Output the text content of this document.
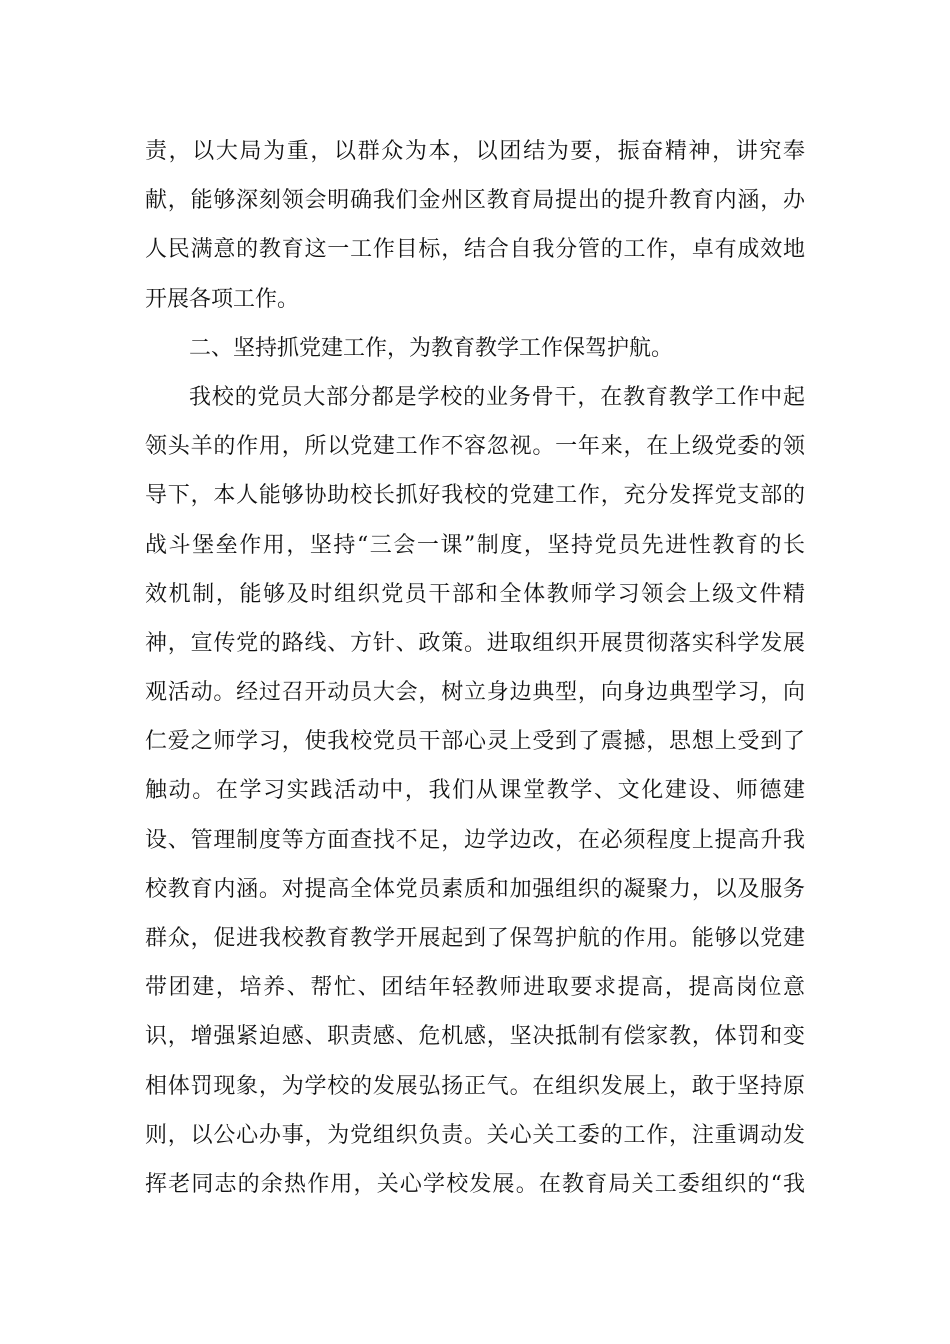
责，以大局为重，以群众为本，以团结为要，振奋精神，讲究奉
献，能够深刻领会明确我们金州区教育局提出的提升教育内涵，办
人民满意的教育这一工作目标，结合自我分管的工作，卓有成效地
开展各项工作。
二、坚持抓党建工作，为教育教学工作保驾护航。
我校的党员大部分都是学校的业务骨干，在教育教学工作中起
领头羊的作用，所以党建工作不容忽视。一年来，在上级党委的领
导下，本人能够协助校长抓好我校的党建工作，充分发挥党支部的
战斗堡垒作用，坚持“三会一课”制度，坚持党员先进性教育的长
效机制，能够及时组织党员干部和全体教师学习领会上级文件精
神，宣传党的路线、方针、政策。进取组织开展贯彻落实科学发展
观活动。经过召开动员大会，树立身边典型，向身边典型学习，向
仁爱之师学习，使我校党员干部心灵上受到了震撼，思想上受到了
触动。在学习实践活动中，我们从课堂教学、文化建设、师德建
设、管理制度等方面查找不足，边学边改，在必须程度上提高升我
校教育内涵。对提高全体党员素质和加强组织的凝聚力，以及服务
群众，促进我校教育教学开展起到了保驾护航的作用。能够以党建
带团建，培养、帮忙、团结年轻教师进取要求提高，提高岗位意
识，增强紧迫感、职责感、危机感，坚决抵制有偿家教，体罚和变
相体罚现象，为学校的发展弘扬正气。在组织发展上，敢于坚持原
则，以公心办事，为党组织负责。关心关工委的工作，注重调动发
挥老同志的余热作用，关心学校发展。在教育局关工委组织的“我
